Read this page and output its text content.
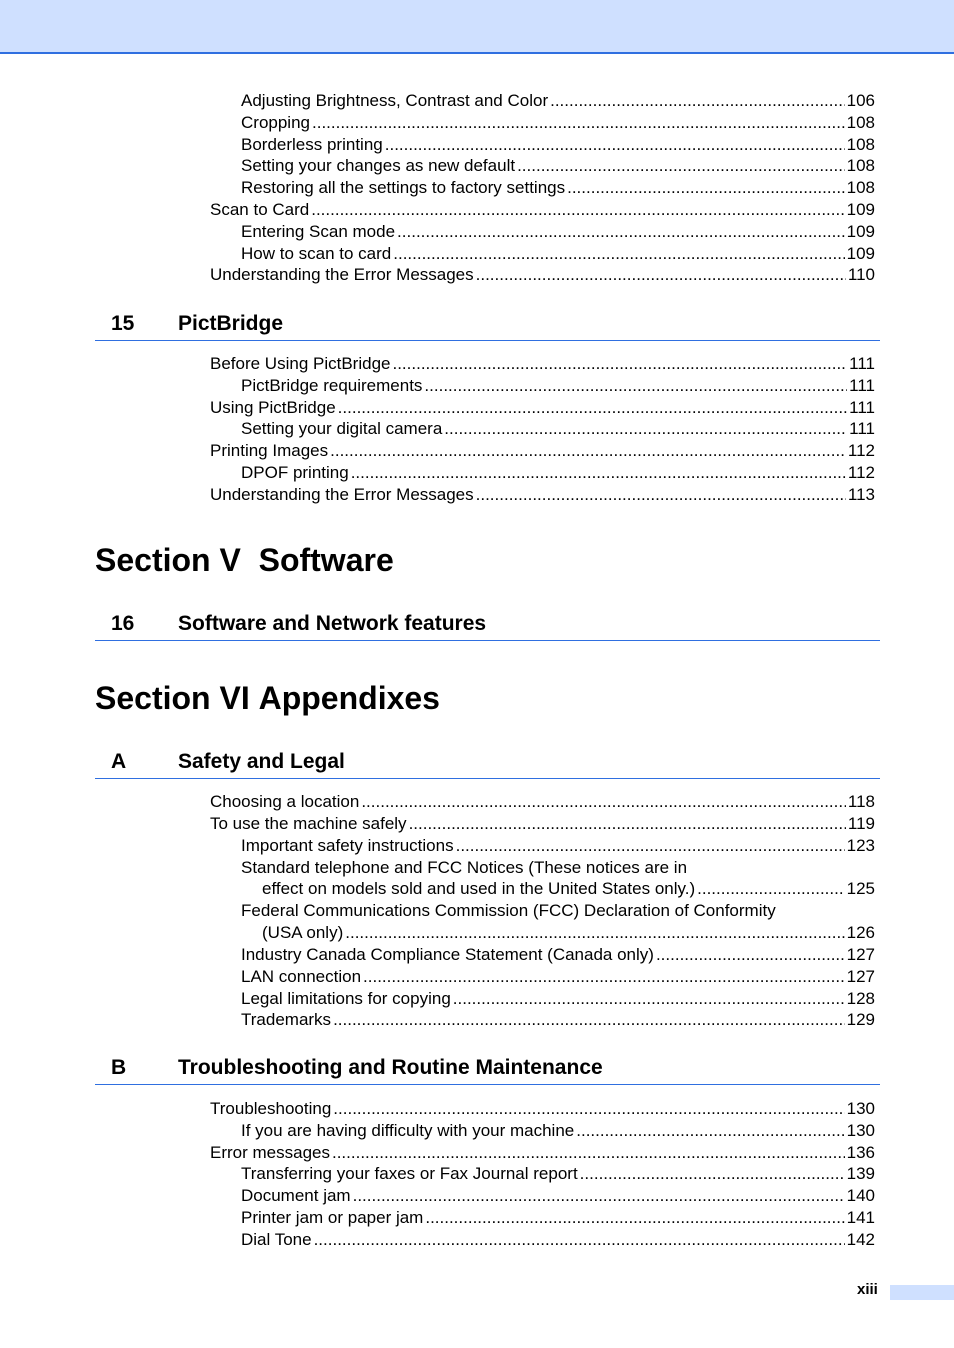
Adjusting Brightness, Contrast and Color .....	106
Cropping .....	108
Borderless printing .....	108
Setting your changes as new default .....	108
Restoring all the settings to factory settings .....	108
Scan to Card .....	109
Entering Scan mode .....	109
How to scan to card .....	109
Understanding the Error Messages .....	110
15 PictBridge
Before Using PictBridge .....	111
PictBridge requirements .....	111
Using PictBridge .....	111
Setting your digital camera .....	111
Printing Images .....	112
DPOF printing .....	112
Understanding the Error Messages .....	113
Section V Software
16 Software and Network features
Section VI Appendixes
A Safety and Legal
Choosing a location .....	118
To use the machine safely .....	119
Important safety instructions .....	123
Standard telephone and FCC Notices (These notices are in
effect on models sold and used in the United States only.) .....	125
Federal Communications Commission (FCC) Declaration of Conformity
(USA only) .....	126
Industry Canada Compliance Statement (Canada only) .....	127
LAN connection .....	127
Legal limitations for copying .....	128
Trademarks .....	129
B Troubleshooting and Routine Maintenance
Troubleshooting .....	130
If you are having difficulty with your machine .....	130
Error messages .....	136
Transferring your faxes or Fax Journal report .....	139
Document jam .....	140
Printer jam or paper jam .....	141
Dial Tone .....	142
xiii
